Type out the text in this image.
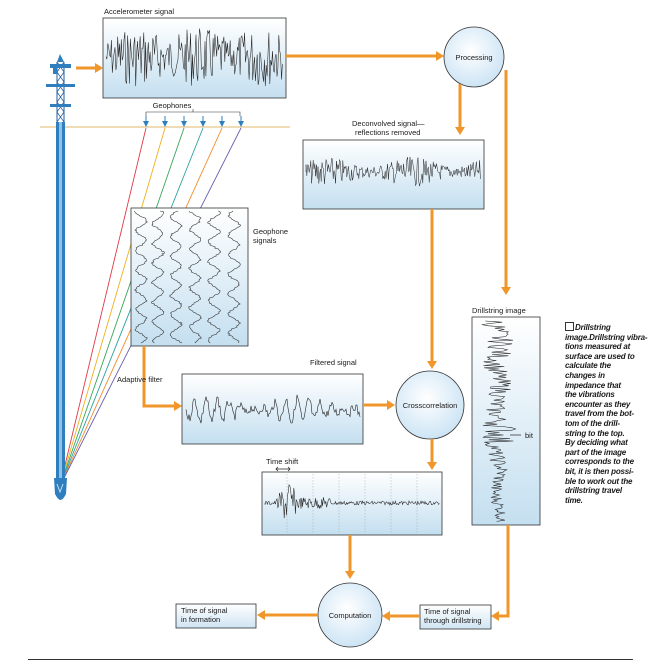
Geophones
Accelerometer signal
Processing
Deconvolved signal—
reflections removed
Geophone
signals
Adaptive filter
Filtered signal
Crosscorrelation
Time shift
Drillstring image
bit
Time of signal
through drillstring
Computation
Time of signal
in formation
Drillstring image.Drillstring vibra-
tions measured at
surface are used to
calculate the
changes in
impedance that
the vibrations
encounter as they
travel from the bot-
tom of the drill-
string to the top.
By deciding what
part of the image
corresponds to the
bit, it is then possi-
ble to work out the
drillstring travel
time.
